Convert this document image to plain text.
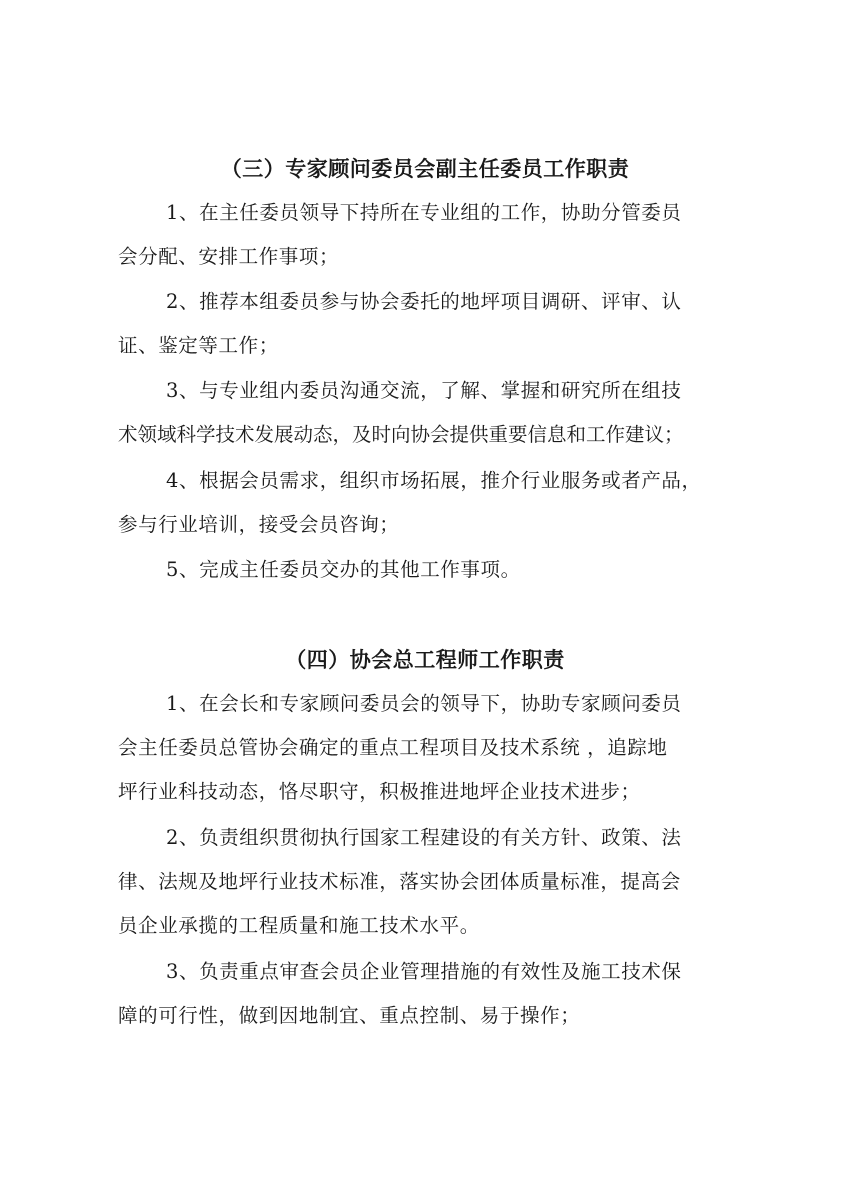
（三）专家顾问委员会副主任委员工作职责
1、在主任委员领导下持所在专业组的工作，协助分管委员
会分配、安排工作事项；
2、推荐本组委员参与协会委托的地坪项目调研、评审、认
证、鉴定等工作；
3、与专业组内委员沟通交流，了解、掌握和研究所在组技
术领域科学技术发展动态，及时向协会提供重要信息和工作建议；
4、根据会员需求，组织市场拓展，推介行业服务或者产品，
参与行业培训，接受会员咨询；
5、完成主任委员交办的其他工作事项。
（四）协会总工程师工作职责
1、在会长和专家顾问委员会的领导下，协助专家顾问委员
会主任委员总管协会确定的重点工程项目及技术系统 ，追踪地
坪行业科技动态，恪尽职守，积极推进地坪企业技术进步；
2、负责组织贯彻执行国家工程建设的有关方针、政策、法
律、法规及地坪行业技术标准，落实协会团体质量标准，提高会
员企业承揽的工程质量和施工技术水平。
3、负责重点审查会员企业管理措施的有效性及施工技术保
障的可行性，做到因地制宜、重点控制、易于操作；
